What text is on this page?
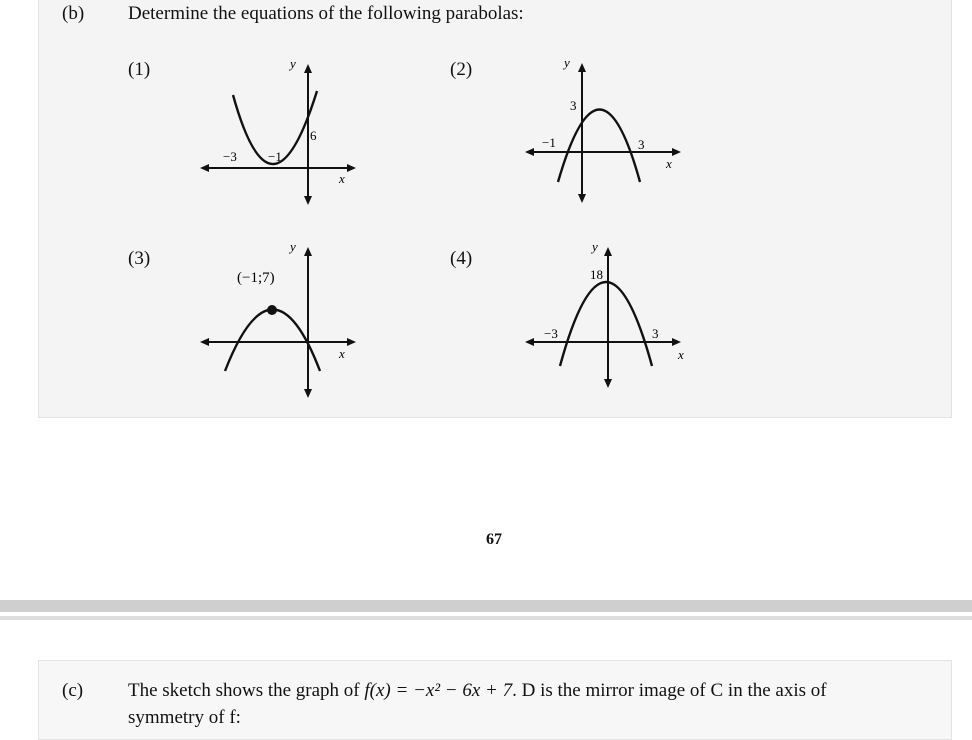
(b) Determine the equations of the following parabolas:
(1)	(2)
(3)	(4)
y
x
−3 −1
6
y
x
−1
3
3
y
x
(−1;7)
y
x
18
−3	3
67
(c) The sketch shows the graph of f(x) = −x² − 6x + 7. D is the mirror image of C in the axis of
symmetry of f:
